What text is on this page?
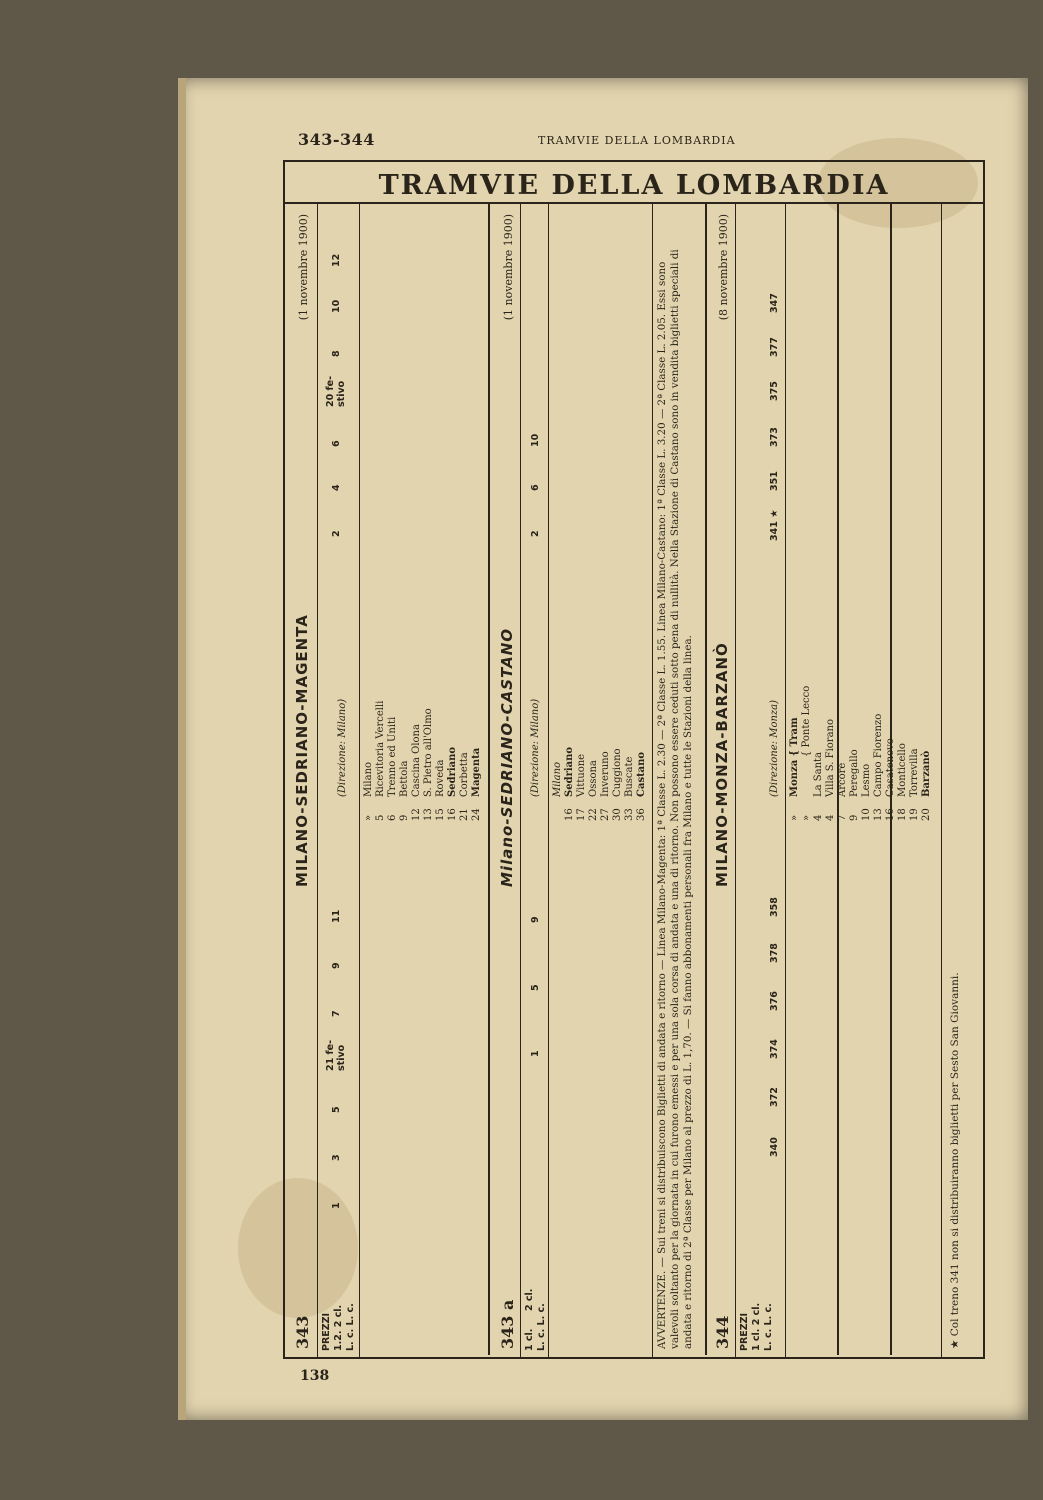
343-344	TRAMVIE DELLA LOMBARDIA
TRAMVIE DELLA LOMBARDIA
343
MILANO-SEDRIANO-MAGENTA
(1 novembre 1900)
PREZZI 1.2. 2 cl. L. c. L. c.
1
3
5
21 fe-stivo
7
9
11
(Direzione: Milano)
2
4
6
20 fe-stivo
8
10
12
Milano Ricevitoria Vercelli Trenno ed Uniti Bettola Cascina Olona S. Pietro all'Olmo Roveda Sedriano Corbetta Magenta
» 5 6 9 12 13 15 16 21 24
343 a
Milano-SEDRIANO-CASTANO
(1 novembre 1900)
1 cl.
2 cl.
L. c. L. c.
1
5
9
(Direzione: Milano)
2
6
10
Milano Sedriano Vittuone Ossona Inveruno Cuggiono Buscate Castano
16 17 22 27 30 33 36 AVVERTENZE. — Sui treni si distribuiscono Biglietti di andata e ritorno — Linea Milano-Magenta: 1ª Classe L. 2.30 — 2ª Classe L. 1.55. Linea Milano-Castano: 1ª Classe L. 3.20 — 2ª Classe L. 2.05. Essi sono valevoli soltanto per la giornata in cui furono emessi e per una sola corsa di andata e una di ritorno. Non possono essere ceduti sotto pena di nullità. Nella Stazione di Castano sono in vendita biglietti speciali di andata e ritorno di 2ª Classe per Milano al prezzo di L. 1,70. — Si fanno abbonamenti personali fra Milano e tutte le Stazioni della linea. 344
MILANO-MONZA-BARZANÒ
(8 novembre 1900)
PREZZI 1 cl. 2 cl. L. c. L. c.
340
372
374
376
378
358
(Direzione: Monza)
341 ★
351
373
375
377
347
Monza { Tram { Ponte Lecco
La Santa Villa S. Fiorano Arcore Peregallo Lesmo Campo Fiorenzo Casatenovo Monticello Torrevilla Barzanò
» » 4 4 7 9 10 13 16 18 19 20
★ Col treno 341 non si distribuiranno biglietti per Sesto San Giovanni.
138
